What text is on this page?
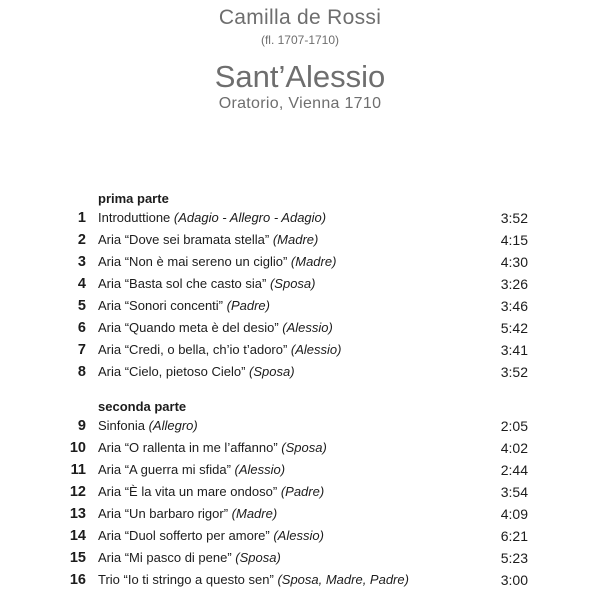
Camilla de Rossi
(fl. 1707-1710)
Sant’Alessio
Oratorio, Vienna 1710
prima parte
1 Introduttione (Adagio - Allegro - Adagio)	3:52
2 Aria “Dove sei bramata stella” (Madre)	4:15
3 Aria “Non è mai sereno un ciglio” (Madre)	4:30
4 Aria “Basta sol che casto sia” (Sposa)	3:26
5 Aria “Sonori concenti” (Padre)	3:46
6 Aria “Quando meta è del desio” (Alessio)	5:42
7 Aria “Credi, o bella, ch’io t’adoro” (Alessio)	3:41
8 Aria “Cielo, pietoso Cielo” (Sposa)	3:52
seconda parte
9 Sinfonia (Allegro)	2:05
10 Aria “O rallenta in me l’affanno” (Sposa)	4:02
11 Aria “A guerra mi sfida” (Alessio)	2:44
12 Aria “È la vita un mare ondoso” (Padre)	3:54
13 Aria “Un barbaro rigor” (Madre)	4:09
14 Aria “Duol sofferto per amore” (Alessio)	6:21
15 Aria “Mi pasco di pene” (Sposa)	5:23
16 Trio “Io ti stringo a questo sen” (Sposa, Madre, Padre)	3:00
